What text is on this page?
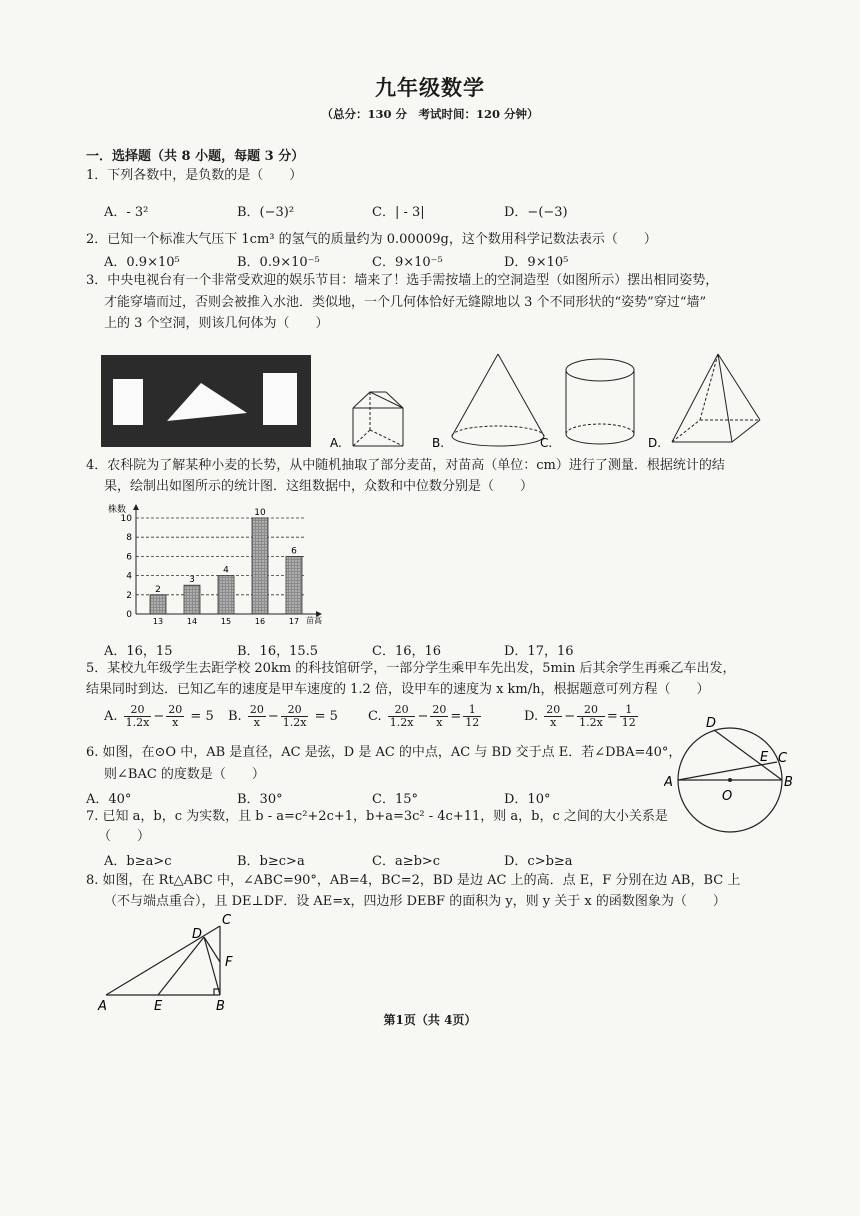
九年级数学
（总分：130 分　考试时间：120 分钟）
一．选择题（共 8 小题，每题 3 分）
1．下列各数中，是负数的是（　　）
A．- 3²	B．(−3)²	C．| - 3|	D．−(−3)
2．已知一个标准大气压下 1cm³ 的氢气的质量约为 0.00009g，这个数用科学记数法表示（　　）
A．0.9×10⁵	B．0.9×10⁻⁵	C．9×10⁻⁵	D．9×10⁵
3．中央电视台有一个非常受欢迎的娱乐节目：墙来了！选手需按墙上的空洞造型（如图所示）摆出相同姿势，
才能穿墙而过，否则会被推入水池．类似地，一个几何体恰好无缝隙地以 3 个不同形状的“姿势”穿过“墙”
上的 3 个空洞，则该几何体为（　　）
A.	B.	C.	D.
4．农科院为了解某种小麦的长势，从中随机抽取了部分麦苗，对苗高（单位：cm）进行了测量．根据统计的结
果，绘制出如图所示的统计图．这组数据中，众数和中位数分别是（　　）
株数
苗高
0
2
4
6
8
10
2
13
3
14
4
15
10
16
6
17
A．16，15	B．16，15.5	C．16，16	D．17，16
5．某校九年级学生去距学校 20km 的科技馆研学，一部分学生乘甲车先出发，5min 后其余学生再乘乙车出发，
结果同时到达．已知乙车的速度是甲车速度的 1.2 倍，设甲车的速度为 x km/h，根据题意可列方程（　　）
A. $\frac{20}{1.2x} - \frac{20}{x} = 5$ B. $\frac{20}{x} - \frac{20}{1.2x} = 5$ C. $\frac{20}{1.2x} - \frac{20}{x} = \frac{1}{12}$	D. $\frac{20}{x} - \frac{20}{1.2x} = \frac{1}{12}$
6. 如图，在⊙O 中，AB 是直径，AC 是弦，D 是 AC 的中点，AC 与 BD 交于点 E．若∠DBA=40°，
则∠BAC 的度数是（　　）
A．40°	B．30°	C．15°	D．10°
A	B
C
D
E
O
7. 已知 a，b，c 为实数，且 b - a=c²+2c+1，b+a=3c² - 4c+11，则 a，b，c 之间的大小关系是
（　　）
A．b≥a>c	B．b≥c>a	C．a≥b>c	D．c>b≥a
8. 如图，在 Rt△ABC 中，∠ABC=90°，AB=4，BC=2，BD 是边 AC 上的高．点 E，F 分别在边 AB，BC 上
（不与端点重合），且 DE⊥DF．设 AE=x，四边形 DEBF 的面积为 y，则 y 关于 x 的函数图象为（　　）
A	B
C
D
E
F
第1页（共 4页）
